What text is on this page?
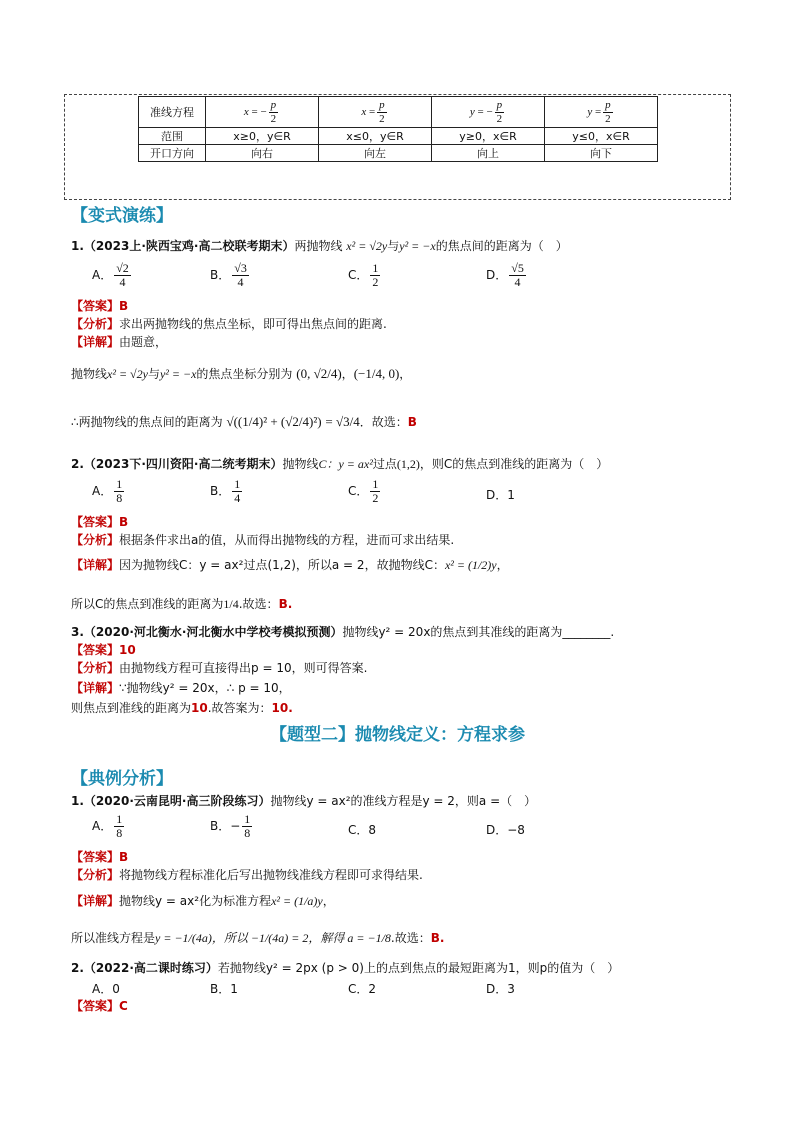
准线方程	x = − $\frac{p}{2}$	$x = \frac{p}{2}$	y = − $\frac{p}{2}$	$y = \frac{p}{2}$

范围	x≥0，y∈R	x≤0，y∈R	y≥0，x∈R	y≤0，x∈R
开口方向	向右	向左	向上	向下
【变式演练】
1.（2023上·陕西宝鸡·高二校联考期末）两抛物线 x² = √2y与y² = −x的焦点间的距离为（　）
A． $\frac{√2}{4}$	B． $\frac{√3}{4}$	C． $\frac{1}{2}$	D． $\frac{√5}{4}$
【答案】B
【分析】求出两抛物线的焦点坐标，即可得出焦点间的距离.
【详解】由题意，
抛物线x² = √2y与y² = −x的焦点坐标分别为 (0, √2/4)，(−1/4, 0)，
∴两抛物线的焦点间的距离为 √((1/4)² + (√2/4)²) = √3/4．故选：B
2.（2023下·四川资阳·高二统考期末）抛物线C：y = ax²过点(1,2)，则C的焦点到准线的距离为（　）
A． $\frac{1}{8}$	B． $\frac{1}{4}$	C． $\frac{1}{2}$	D．1
【答案】B
【分析】根据条件求出a的值，从而得出抛物线的方程，进而可求出结果.
【详解】因为抛物线C：y = ax²过点(1,2)，所以a = 2，故抛物线C：x² = (1/2)y，
所以C的焦点到准线的距离为1/4.故选：B.
3.（2020·河北衡水·河北衡水中学校考模拟预测）抛物线y² = 20x的焦点到其准线的距离为________.
【答案】10
【分析】由抛物线方程可直接得出p = 10，则可得答案.
【详解】∵抛物线y² = 20x，∴ p = 10，
则焦点到准线的距离为10.故答案为：10.
【题型二】抛物线定义：方程求参
【典例分析】
1.（2020·云南昆明·高三阶段练习）抛物线y = ax²的准线方程是y = 2，则a =（　）
A． $\frac{1}{8}$	B．− $\frac{1}{8}$	C．8	D．−8
【答案】B
【分析】将抛物线方程标准化后写出抛物线准线方程即可求得结果.
【详解】抛物线y = ax²化为标准方程x² = (1/a)y，
所以准线方程是y = −1/(4a)，所以 −1/(4a) = 2，解得 a = −1/8.故选：B.
2.（2022·高二课时练习）若抛物线y² = 2px (p > 0)上的点到焦点的最短距离为1，则p的值为（　）
A．0	B．1	C．2	D．3
【答案】C
